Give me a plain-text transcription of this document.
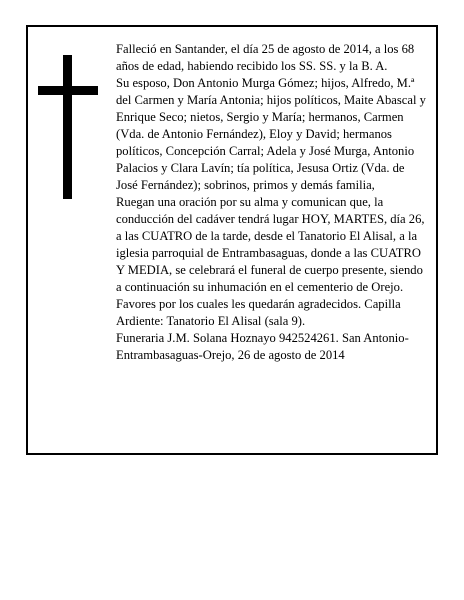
Falleció en Santander, el día 25 de agosto de 2014, a los 68 años de edad, habiendo recibido los SS. SS. y la B. A.

Su esposo, Don Antonio Murga Gómez; hijos, Alfredo, M.ª del Carmen y María Antonia; hijos políticos, Maite Abascal y Enrique Seco; nietos, Sergio y María; hermanos, Carmen (Vda. de Antonio Fernández), Eloy y David; hermanos políticos, Concepción Carral; Adela y José Murga, Antonio Palacios y Clara Lavín; tía política, Jesusa Ortiz (Vda. de José Fernández); sobrinos, primos y demás familia,

Ruegan una oración por su alma y comunican que, la conducción del cadáver tendrá lugar HOY, MARTES, día 26, a las CUATRO de la tarde, desde el Tanatorio El Alisal, a la iglesia parroquial de Entrambasaguas, donde a las CUATRO Y MEDIA, se celebrará el funeral de cuerpo presente, siendo a continuación su inhumación en el cementerio de Orejo. Favores por los cuales les quedarán agradecidos. Capilla Ardiente: Tanatorio El Alisal (sala 9).

Funeraria J.M. Solana Hoznayo 942524261. San Antonio-Entrambasaguas-Orejo, 26 de agosto de 2014
